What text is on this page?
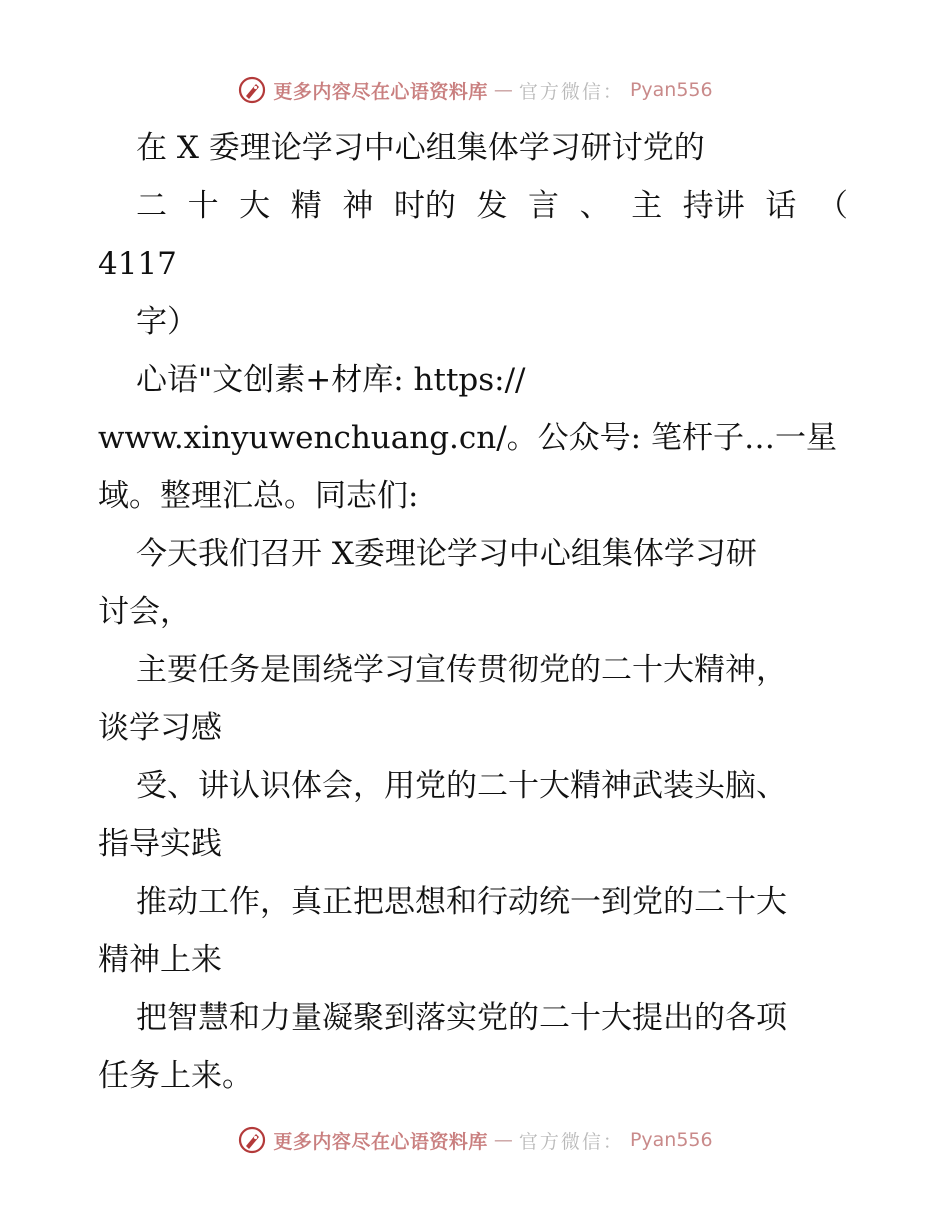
更多内容尽在心语资料库 — 官方微信： Pyan556
在 X 委理论学习中心组集体学习研讨党的
二 十 大 精 神 时的 发 言 、 主 持讲 话 （
4117
字）
心语"文创素+材库: https://
www.xinyuwenchuang.cn/。公众号: 笔杆子…一星
域。整理汇总。同志们:
今天我们召开 X委理论学习中心组集体学习研
讨会，
主要任务是围绕学习宣传贯彻党的二十大精神，
谈学习感
受、讲认识体会，用党的二十大精神武装头脑、
指导实践
推动工作，真正把思想和行动统一到党的二十大
精神上来
把智慧和力量凝聚到落实党的二十大提出的各项
任务上来。
更多内容尽在心语资料库 — 官方微信： Pyan556
